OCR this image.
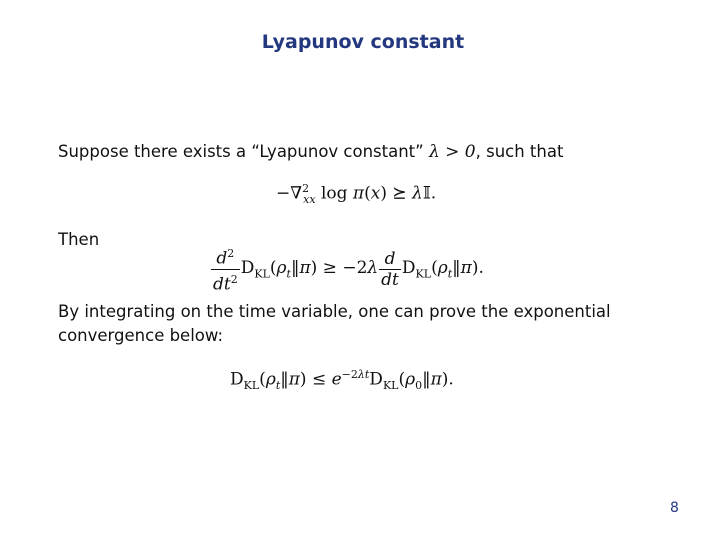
Lyapunov constant
Suppose there exists a “Lyapunov constant” λ > 0, such that
−∇$^2_{xx}$ log π(x) ⪰ λ𝕀.
Then
$\frac{d^2}{dt^2}$ $D_{KL}(\rho_t‖\pi) \ge -2\lambda \frac{d}{dt}$ $D_{KL}(\rho_t‖\pi)$.
By integrating on the time variable, one can prove the exponential convergence below:
$D_{KL}(\rho_t‖\pi)$ ≤ $e^{-2\lambda t}D_{KL}(\rho_0‖\pi)$.
8
